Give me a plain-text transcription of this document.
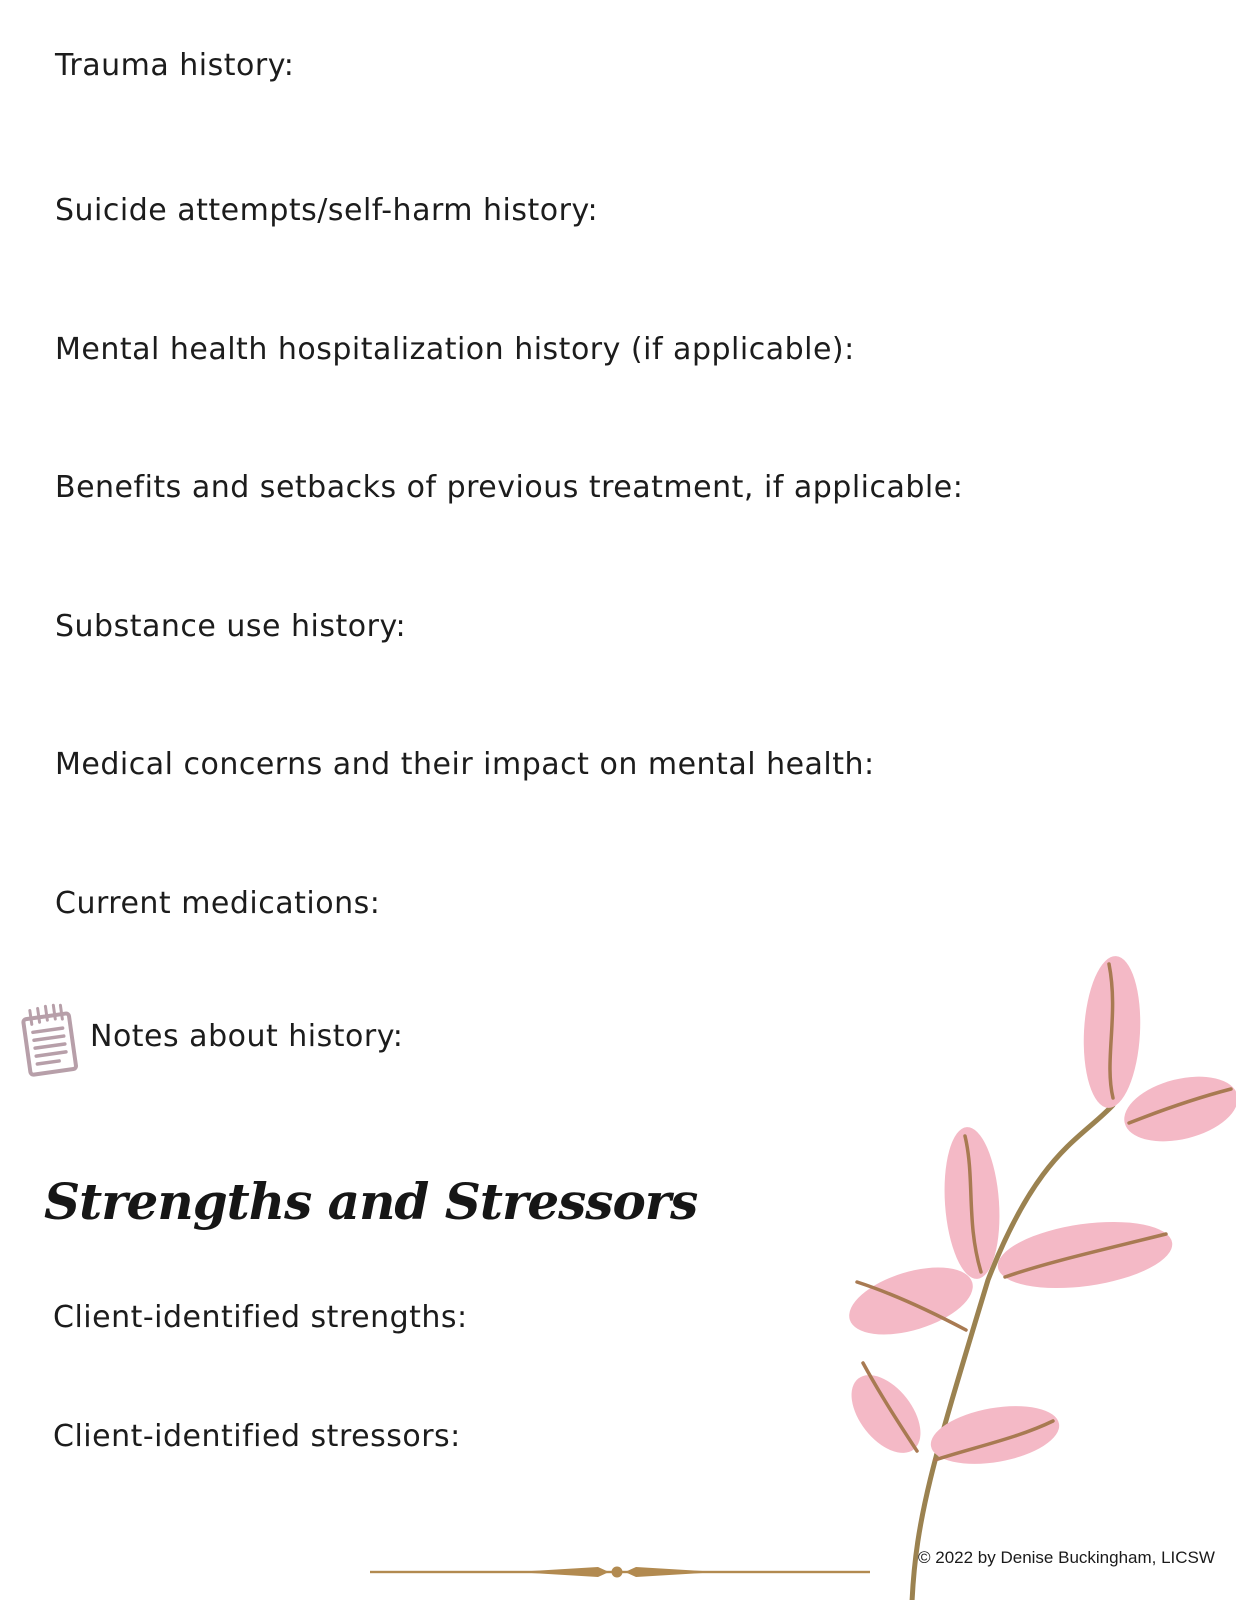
Trauma history:
Suicide attempts/self-harm history:
Mental health hospitalization history (if applicable):
Benefits and setbacks of previous treatment, if applicable:
Substance use history:
Medical concerns and their impact on mental health:
Current medications:
Notes about history:
Strengths and Stressors
Client-identified strengths:
Client-identified stressors:
© 2022 by Denise Buckingham, LICSW
